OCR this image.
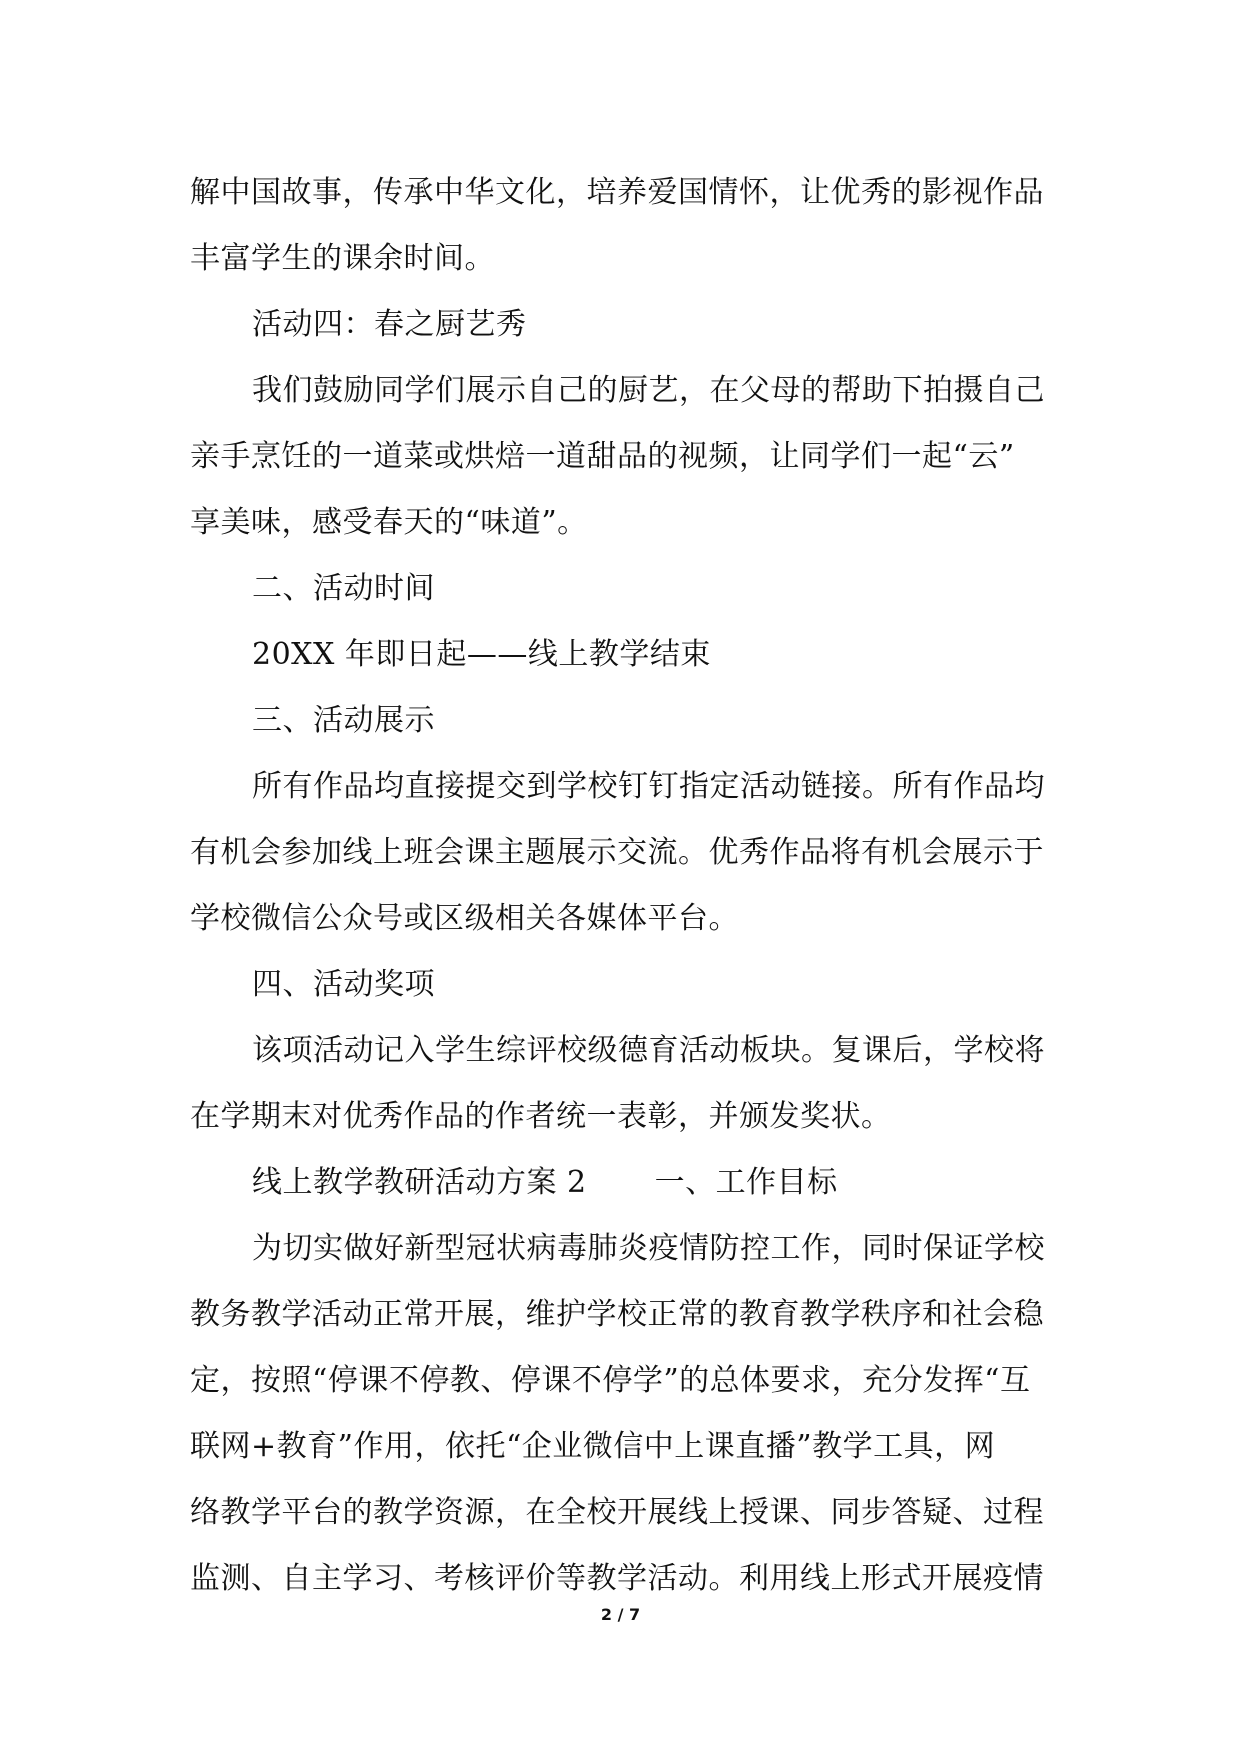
解中国故事，传承中华文化，培养爱国情怀，让优秀的影视作品
丰富学生的课余时间。
活动四：春之厨艺秀
我们鼓励同学们展示自己的厨艺，在父母的帮助下拍摄自己
亲手烹饪的一道菜或烘焙一道甜品的视频，让同学们一起“云”
享美味，感受春天的“味道”。
二、活动时间
20XX 年即日起——线上教学结束
三、活动展示
所有作品均直接提交到学校钉钉指定活动链接。所有作品均
有机会参加线上班会课主题展示交流。优秀作品将有机会展示于
学校微信公众号或区级相关各媒体平台。
四、活动奖项
该项活动记入学生综评校级德育活动板块。复课后，学校将
在学期末对优秀作品的作者统一表彰，并颁发奖状。
线上教学教研活动方案 2 一、工作目标
为切实做好新型冠状病毒肺炎疫情防控工作，同时保证学校
教务教学活动正常开展，维护学校正常的教育教学秩序和社会稳
定，按照“停课不停教、停课不停学”的总体要求，充分发挥“互
联网+教育”作用，依托“企业微信中上课直播”教学工具，网
络教学平台的教学资源，在全校开展线上授课、同步答疑、过程
监测、自主学习、考核评价等教学活动。利用线上形式开展疫情
2 / 7
